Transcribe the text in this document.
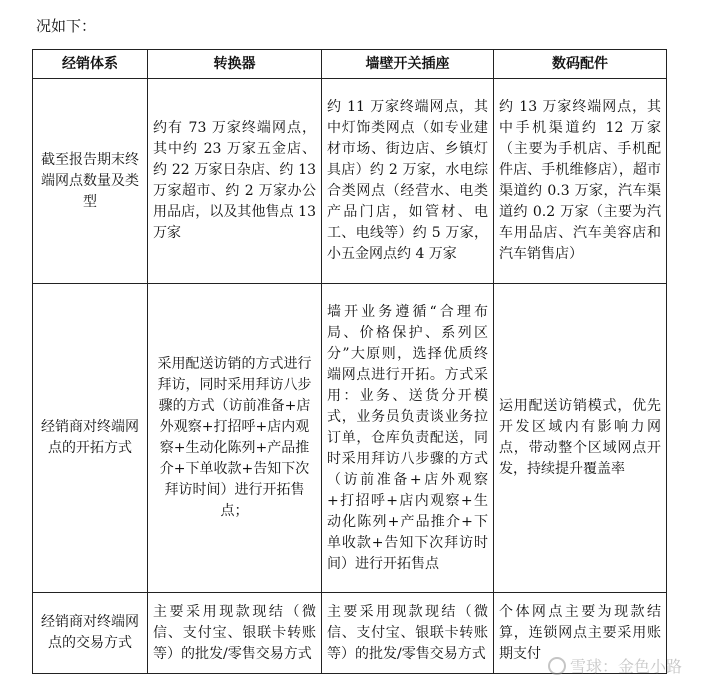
况如下：
经销体系	转换器	墙壁开关插座	数码配件
截至报告期末终端网点数量及类型	约有 73 万家终端网点，其中约 23 万家五金店、约 22 万家日杂店、约 13 万家超市、约 2 万家办公用品店，以及其他售点 13 万家	约 11 万家终端网点，其中灯饰类网点（如专业建材市场、街边店、乡镇灯具店）约 2 万家，水电综合类网点（经营水、电类产品门店，如管材、电工、电线等）约 5 万家，小五金网点约 4 万家	约 13 万家终端网点，其中手机渠道约 12 万家（主要为手机店、手机配件店、手机维修店），超市渠道约 0.3 万家，汽车渠道约 0.2 万家（主要为汽车用品店、汽车美容店和汽车销售店）
经销商对终端网点的开拓方式	采用配送访销的方式进行拜访，同时采用拜访八步骤的方式（访前准备+店外观察+打招呼+店内观察+生动化陈列+产品推介+下单收款+告知下次拜访时间）进行开拓售点；	墙开业务遵循“合理布局、价格保护、系列区分”大原则，选择优质终端网点进行开拓。方式采用：业务、送货分开模式，业务员负责谈业务拉订单，仓库负责配送，同时采用拜访八步骤的方式（访前准备+店外观察+打招呼+店内观察+生动化陈列+产品推介+下单收款+告知下次拜访时间）进行开拓售点	运用配送访销模式，优先开发区域内有影响力网点，带动整个区域网点开发，持续提升覆盖率
经销商对终端网点的交易方式	主要采用现款现结（微信、支付宝、银联卡转账等）的批发/零售交易方式	主要采用现款现结（微信、支付宝、银联卡转账等）的批发/零售交易方式	个体网点主要为现款结算，连锁网点主要采用账期支付
雪球：金色小路
